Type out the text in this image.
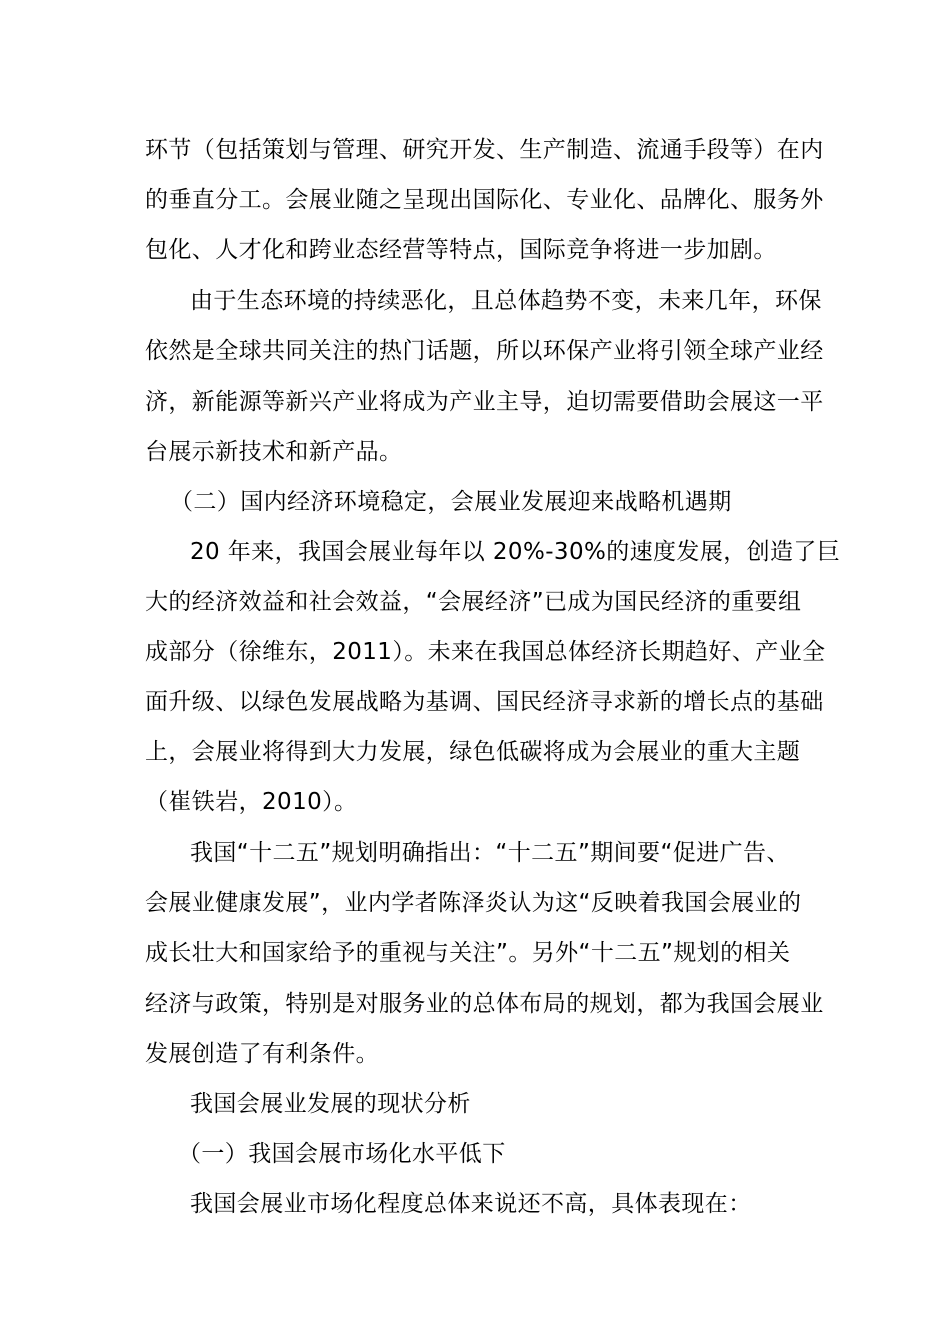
环节（包括策划与管理、研究开发、生产制造、流通手段等）在内
的垂直分工。会展业随之呈现出国际化、专业化、品牌化、服务外
包化、人才化和跨业态经营等特点，国际竞争将进一步加剧。
由于生态环境的持续恶化，且总体趋势不变，未来几年，环保
依然是全球共同关注的热门话题，所以环保产业将引领全球产业经
济，新能源等新兴产业将成为产业主导，迫切需要借助会展这一平
台展示新技术和新产品。
（二）国内经济环境稳定，会展业发展迎来战略机遇期
20 年来，我国会展业每年以 20%-30%的速度发展，创造了巨
大的经济效益和社会效益，“会展经济”已成为国民经济的重要组
成部分（徐维东，2011）。未来在我国总体经济长期趋好、产业全
面升级、以绿色发展战略为基调、国民经济寻求新的增长点的基础
上，会展业将得到大力发展，绿色低碳将成为会展业的重大主题
（崔铁岩，2010）。
我国“十二五”规划明确指出：“十二五”期间要“促进广告、
会展业健康发展”，业内学者陈泽炎认为这“反映着我国会展业的
成长壮大和国家给予的重视与关注”。另外“十二五”规划的相关
经济与政策，特别是对服务业的总体布局的规划，都为我国会展业
发展创造了有利条件。
我国会展业发展的现状分析
（一）我国会展市场化水平低下
我国会展业市场化程度总体来说还不高，具体表现在：
